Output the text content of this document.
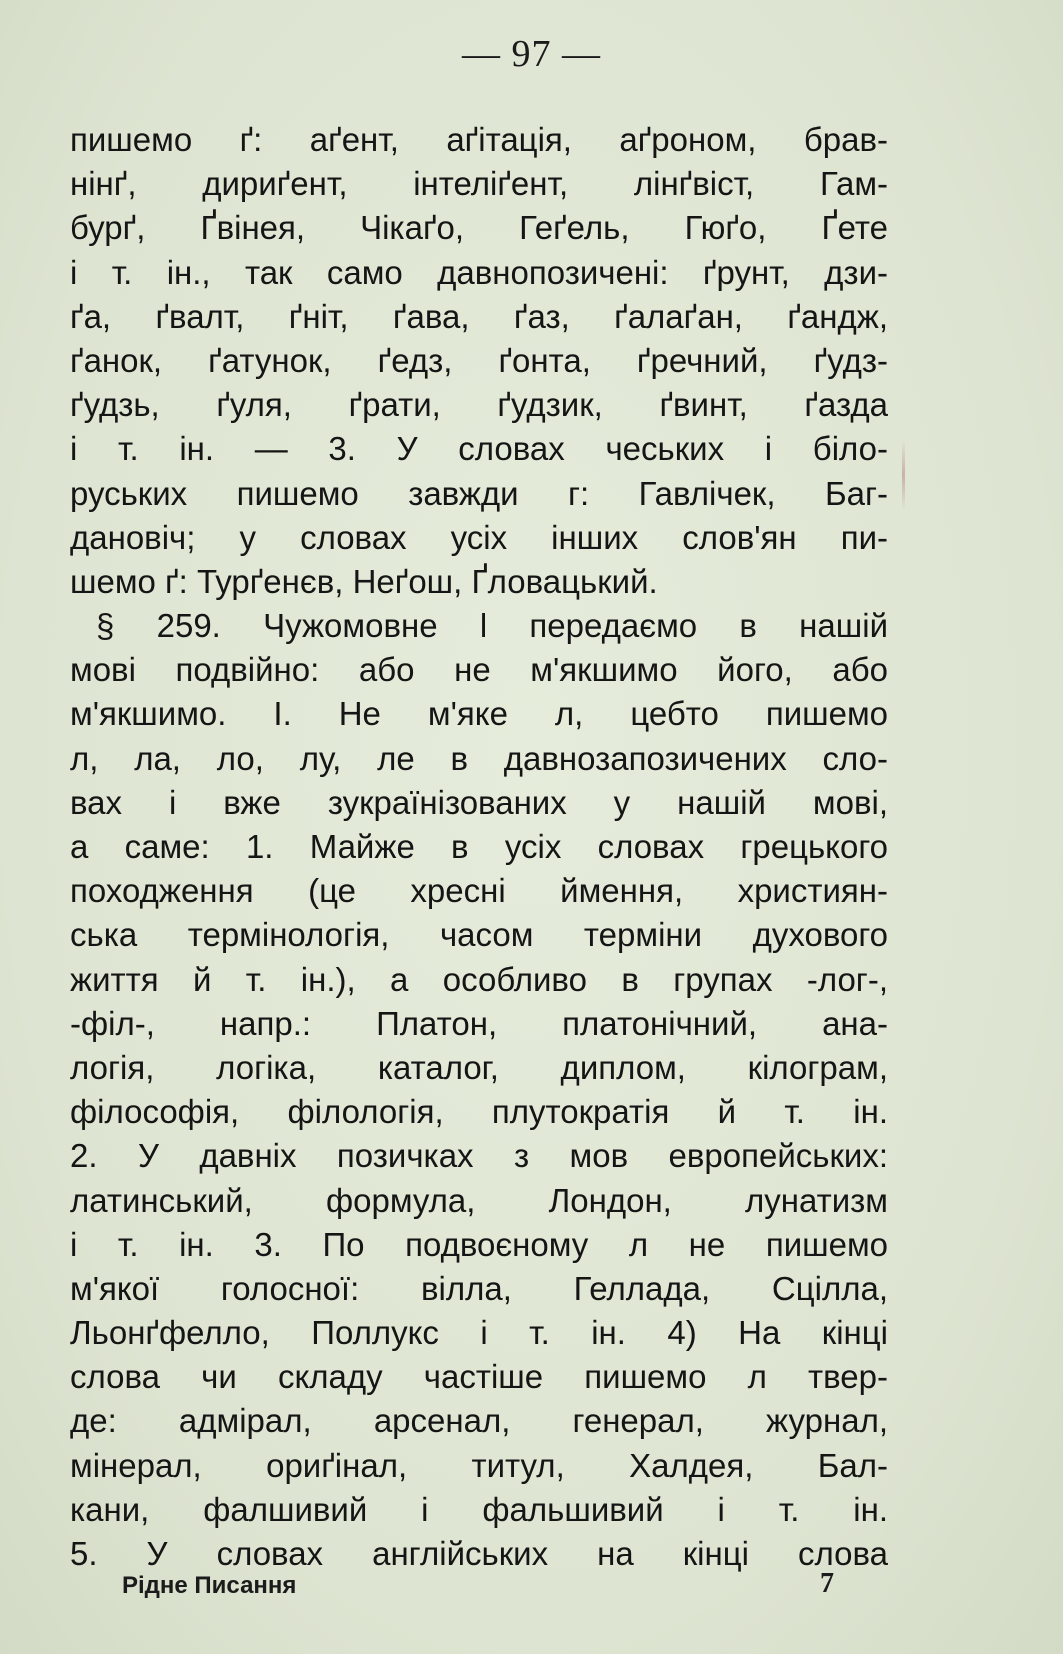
— 97 —
пишемо ґ: аґент, аґітація, аґроном, брав-
нінґ, дириґент, інтеліґент, лінґвіст, Гам-
бурґ, Ґвінея, Чікаґо, Геґель, Гюґо, Ґете
і т. ін., так само давнопозичені: ґрунт, дзи-
ґа, ґвалт, ґніт, ґава, ґаз, ґалаґан, ґандж,
ґанок, ґатунок, ґедз, ґонта, ґречний, ґудз-
ґудзь, ґуля, ґрати, ґудзик, ґвинт, ґазда
і т. ін. — 3. У словах чеських і біло-
руських пишемо завжди г: Гавлічек, Баг-
дановіч; у словах усіх інших слов'ян пи-
шемо ґ: Турґенєв, Неґош, Ґловацький.
§ 259. Чужомовне l передаємо в нашій
мові подвійно: або не м'якшимо його, або
м'якшимо. I. Не м'яке л, цебто пишемо
л, ла, ло, лу, ле в давнозапозичених сло-
вах і вже зукраїнізованих у нашій мові,
а саме: 1. Майже в усіх словах грецького
походження (це хресні ймення, християн-
ська термінологія, часом терміни духового
життя й т. ін.), а особливо в групах -лог-,
-філ-, напр.: Платон, платонічний, ана-
логія, логіка, каталог, диплом, кілограм,
філософія, філологія, плутократія й т. ін.
2. У давніх позичках з мов европейських:
латинський, формула, Лондон, лунатизм
і т. ін. 3. По подвоєному л не пишемо
м'якої голосної: вілла, Геллада, Сцілла,
Льонґфелло, Поллукс і т. ін. 4) На кінці
слова чи складу частіше пишемо л твер-
де: адмірал, арсенал, генерал, журнал,
мінерал, ориґінал, титул, Халдея, Бал-
кани, фалшивий і фальшивий і т. ін.
5. У словах англійських на кінці слова
Рідне Писання	7
